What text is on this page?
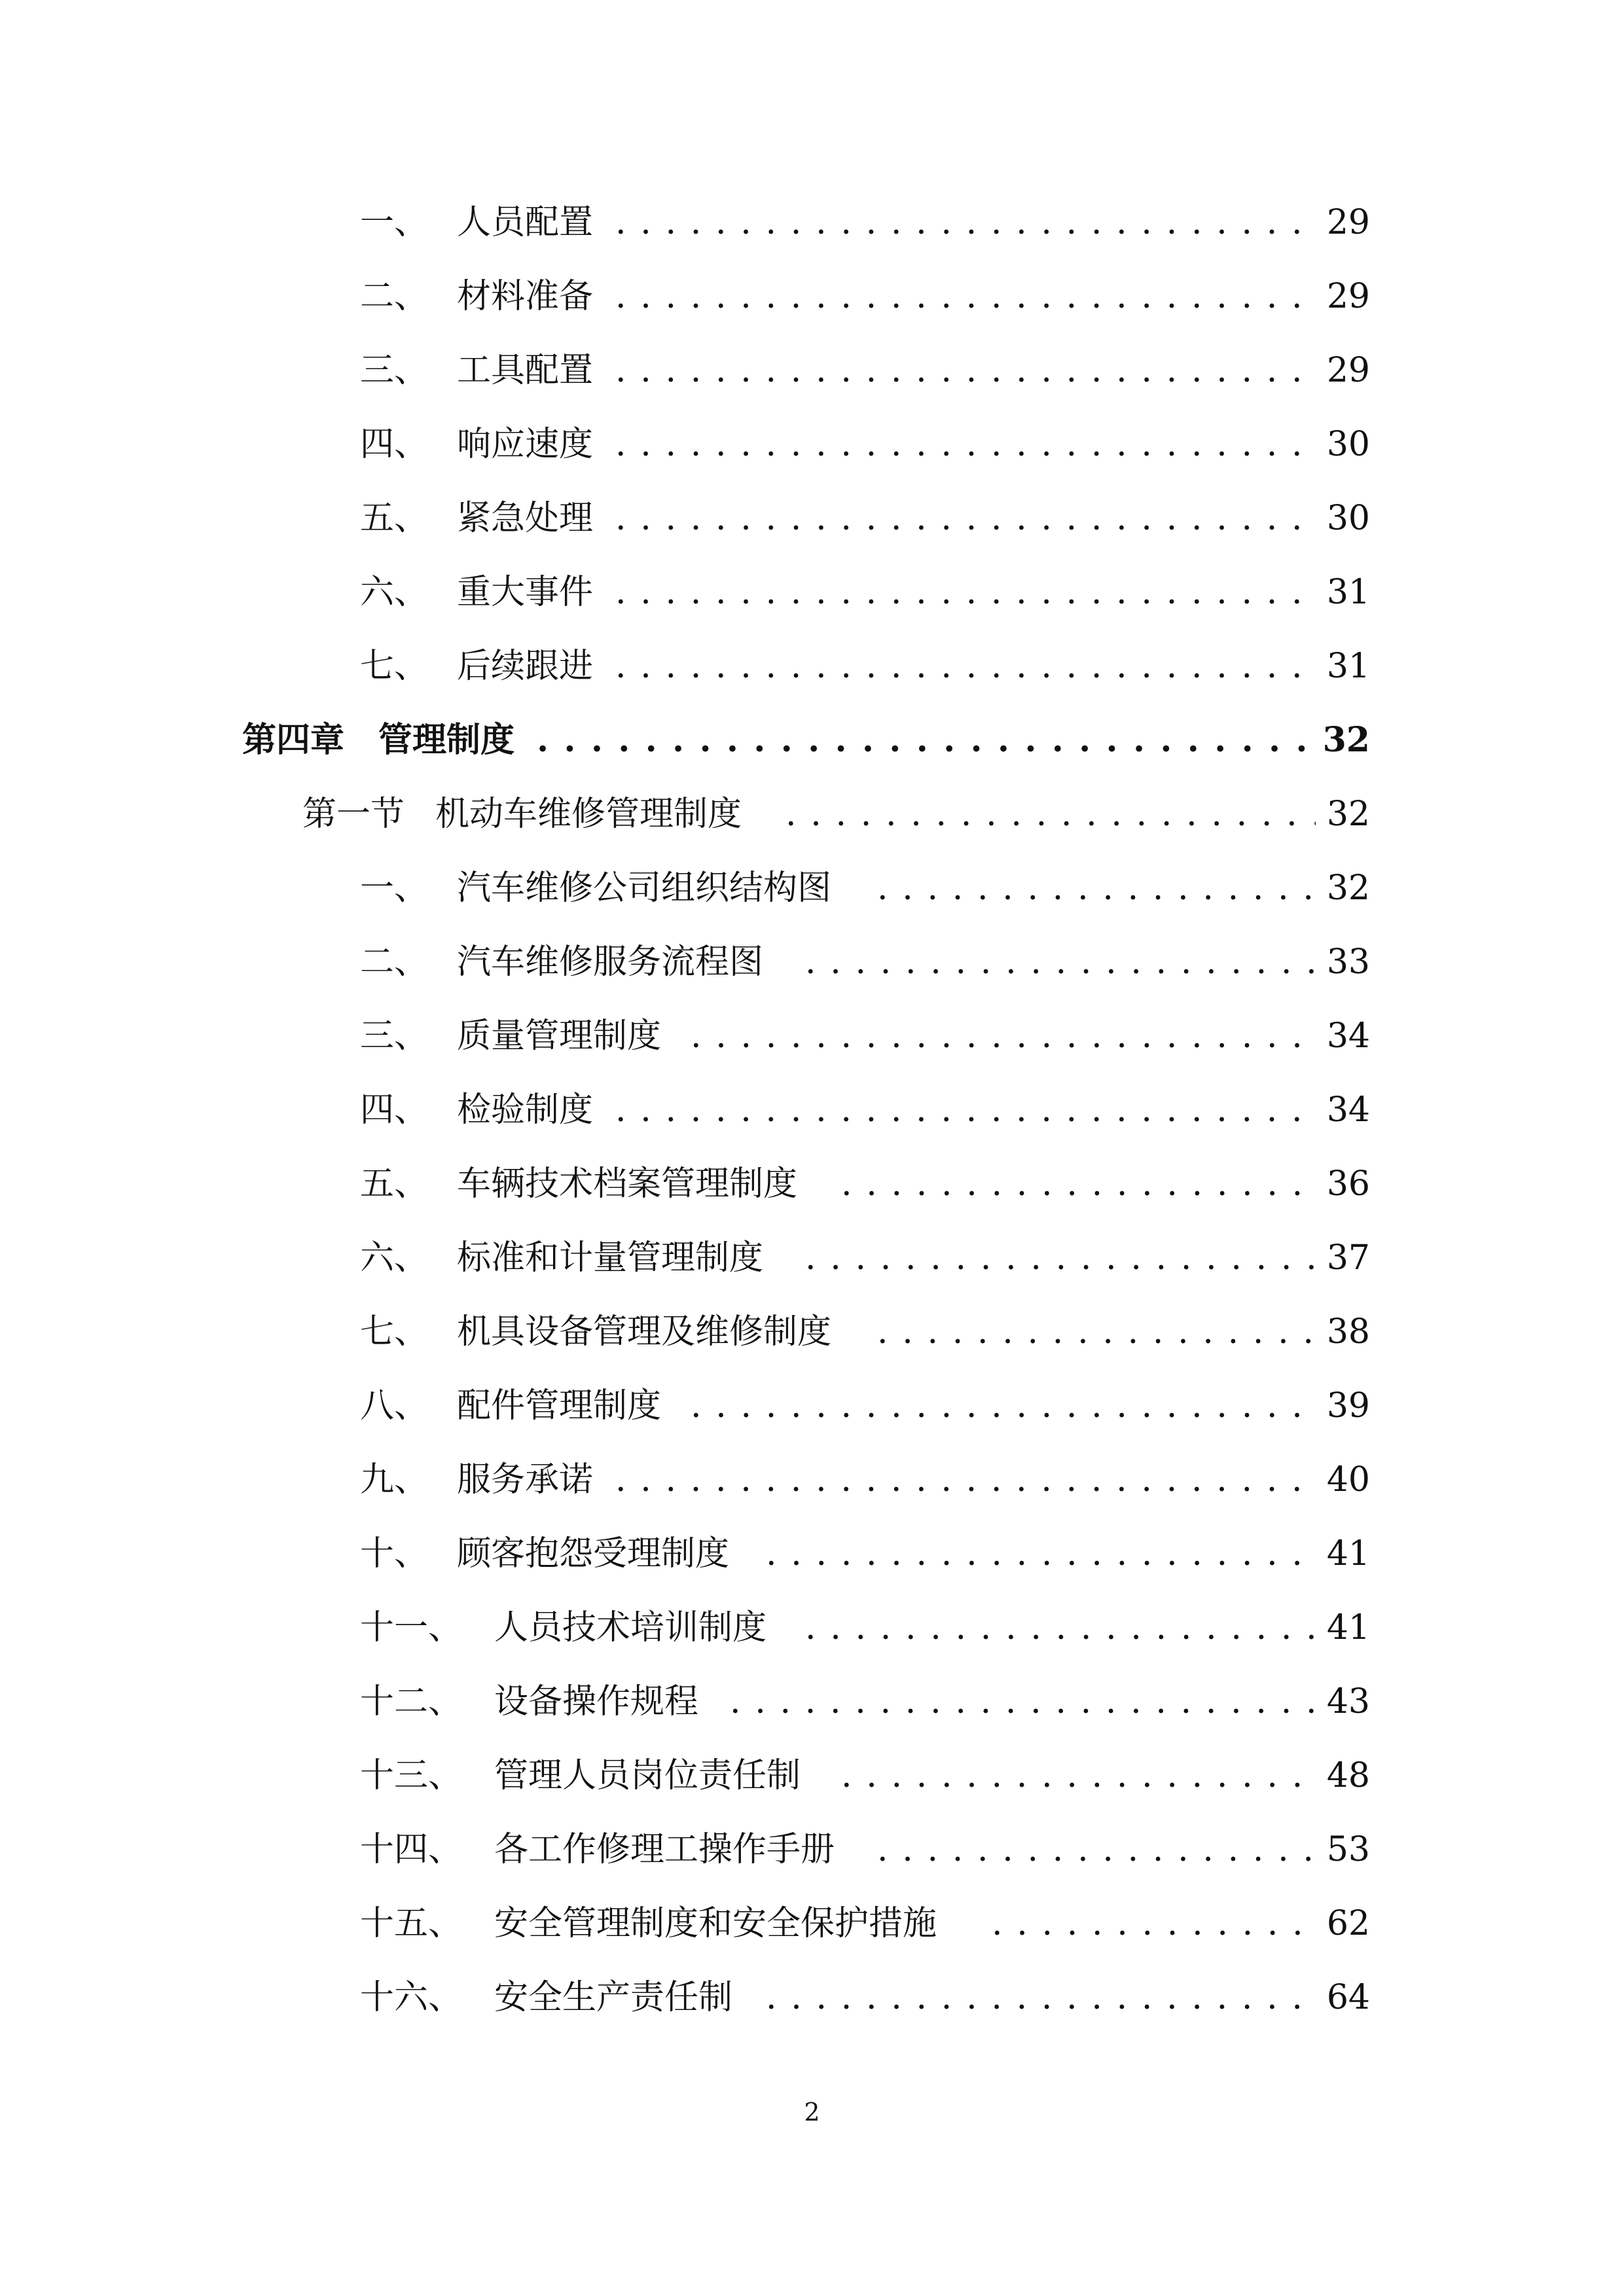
一、 人员配置 . . .	29
二、 材料准备 . . .	29
三、 工具配置 . . .	29
四、 响应速度 . . .	30
五、 紧急处理 . . .	30
六、 重大事件 . . .	31
七、 后续跟进 . . .	31
第四章 管理制度 . . .	32
第一节 机动车维修管理制度 . . .	32
一、 汽车维修公司组织结构图 . . .	32
二、 汽车维修服务流程图 . . .	33
三、 质量管理制度 . . .	34
四、 检验制度 . . .	34
五、 车辆技术档案管理制度 . . .	36
六、 标准和计量管理制度 . . .	37
七、 机具设备管理及维修制度 . . .	38
八、 配件管理制度 . . .	39
九、 服务承诺 . . .	40
十、 顾客抱怨受理制度 . . .	41
十一、 人员技术培训制度 . . .	41
十二、 设备操作规程 . . .	43
十三、 管理人员岗位责任制 . . .	48
十四、 各工作修理工操作手册 . . .	53
十五、 安全管理制度和安全保护措施 . . .	62
十六、 安全生产责任制 . . .	64
2
